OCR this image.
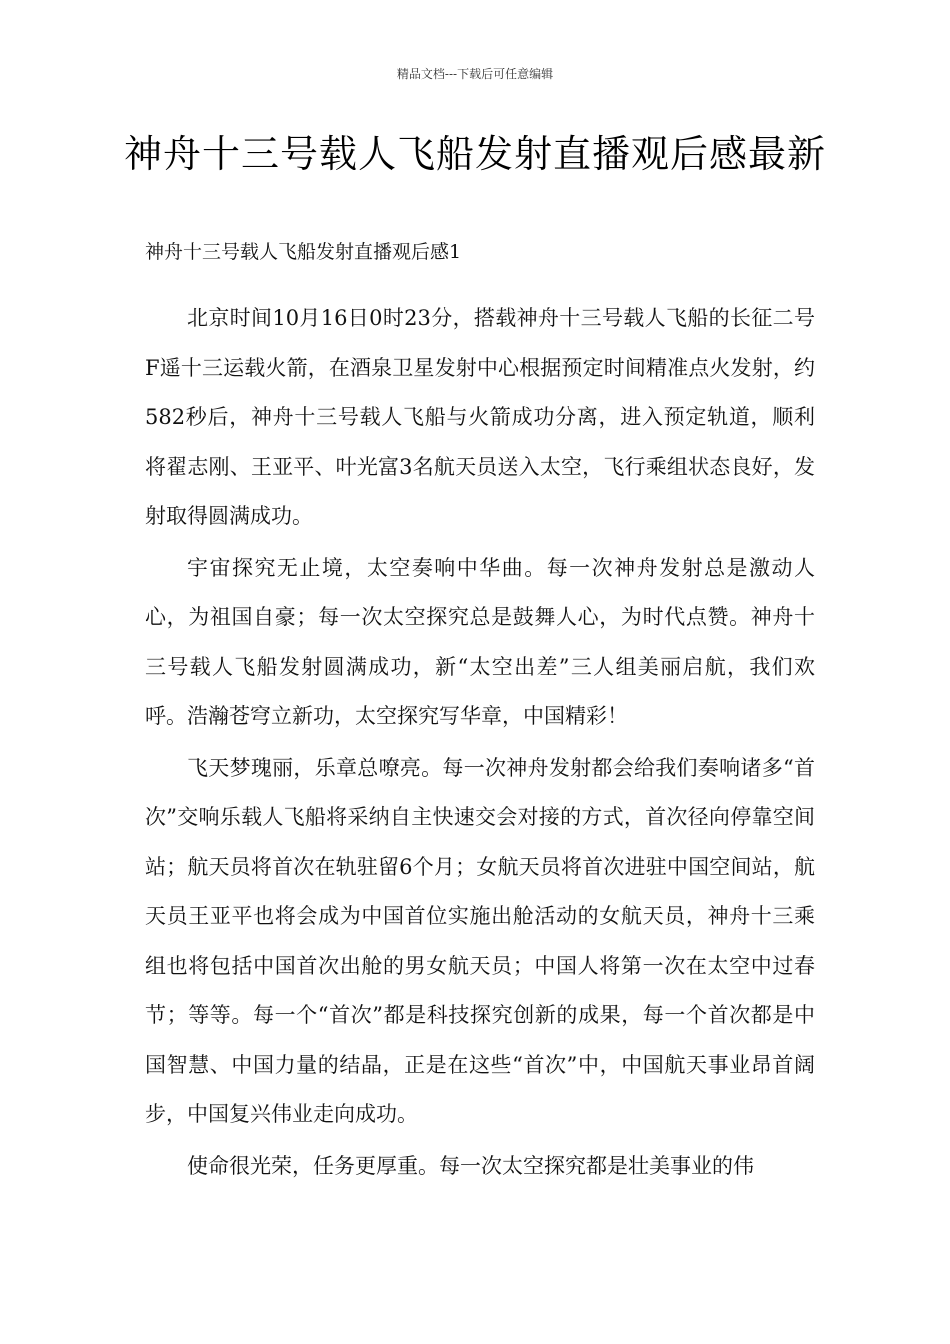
精品文档---下载后可任意编辑
神舟十三号载人飞船发射直播观后感最新

神舟十三号载人飞船发射直播观后感1

北京时间10月16日0时23分，搭载神舟十三号载人飞船的长征二号F遥十三运载火箭，在酒泉卫星发射中心根据预定时间精准点火发射，约582秒后，神舟十三号载人飞船与火箭成功分离，进入预定轨道，顺利将翟志刚、王亚平、叶光富3名航天员送入太空，飞行乘组状态良好，发射取得圆满成功。

宇宙探究无止境，太空奏响中华曲。每一次神舟发射总是激动人心，为祖国自豪；每一次太空探究总是鼓舞人心，为时代点赞。神舟十三号载人飞船发射圆满成功，新“太空出差”三人组美丽启航，我们欢呼。浩瀚苍穹立新功，太空探究写华章，中国精彩！

飞天梦瑰丽，乐章总嘹亮。每一次神舟发射都会给我们奏响诸多“首次”交响乐载人飞船将采纳自主快速交会对接的方式，首次径向停靠空间站；航天员将首次在轨驻留6个月；女航天员将首次进驻中国空间站，航天员王亚平也将会成为中国首位实施出舱活动的女航天员，神舟十三乘组也将包括中国首次出舱的男女航天员；中国人将第一次在太空中过春节；等等。每一个“首次”都是科技探究创新的成果，每一个首次都是中国智慧、中国力量的结晶，正是在这些“首次”中，中国航天事业昂首阔步，中国复兴伟业走向成功。

使命很光荣，任务更厚重。每一次太空探究都是壮美事业的伟
